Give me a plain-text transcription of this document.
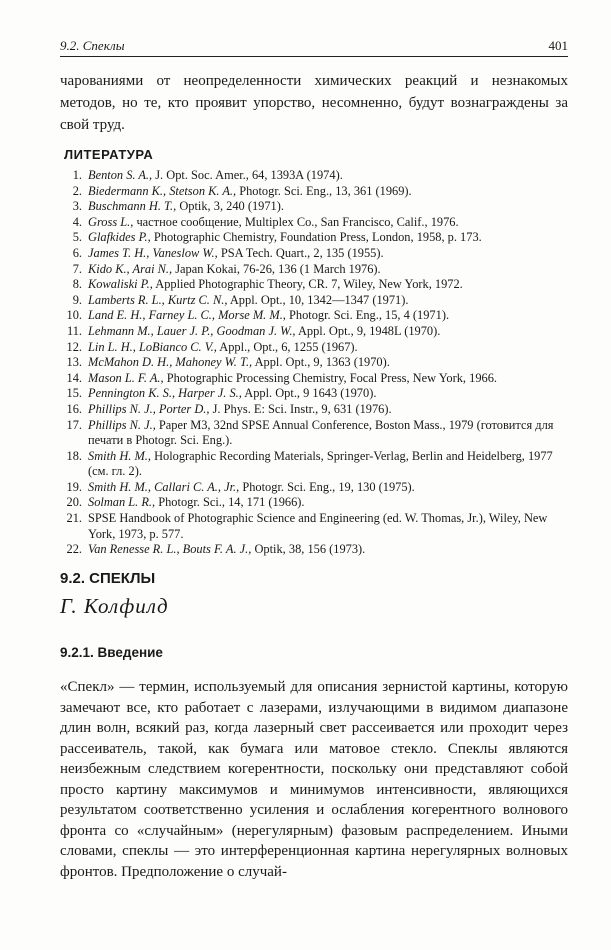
9.2. Спеклы	401

чарованиями от неопределенности химических реакций и незнакомых методов, но те, кто проявит упорство, несомненно, будут вознаграждены за свой труд.

ЛИТЕРАТУРА
1. Benton S. A., J. Opt. Soc. Amer., 64, 1393A (1974).
2. Biedermann K., Stetson K. A., Photogr. Sci. Eng., 13, 361 (1969).
3. Buschmann H. T., Optik, 3, 240 (1971).
4. Gross L., частное сообщение, Multiplex Co., San Francisco, Calif., 1976.
5. Glafkides P., Photographic Chemistry, Foundation Press, London, 1958, p. 173.
6. James T. H., Vaneslow W., PSA Tech. Quart., 2, 135 (1955).
7. Kido K., Arai N., Japan Kokai, 76-26, 136 (1 March 1976).
8. Kowaliski P., Applied Photographic Theory, CR. 7, Wiley, New York, 1972.
9. Lamberts R. L., Kurtz C. N., Appl. Opt., 10, 1342—1347 (1971).
10. Land E. H., Farney L. C., Morse M. M., Photogr. Sci. Eng., 15, 4 (1971).
11. Lehmann M., Lauer J. P., Goodman J. W., Appl. Opt., 9, 1948L (1970).
12. Lin L. H., LoBianco C. V., Appl., Opt., 6, 1255 (1967).
13. McMahon D. H., Mahoney W. T., Appl. Opt., 9, 1363 (1970).
14. Mason L. F. A., Photographic Processing Chemistry, Focal Press, New York, 1966.
15. Pennington K. S., Harper J. S., Appl. Opt., 9 1643 (1970).
16. Phillips N. J., Porter D., J. Phys. E: Sci. Instr., 9, 631 (1976).
17. Phillips N. J., Paper M3, 32nd SPSE Annual Conference, Boston Mass., 1979 (готовится для печати в Photogr. Sci. Eng.).
18. Smith H. M., Holographic Recording Materials, Springer-Verlag, Berlin and Heidelberg, 1977 (см. гл. 2).
19. Smith H. M., Callari C. A., Jr., Photogr. Sci. Eng., 19, 130 (1975).
20. Solman L. R., Photogr. Sci., 14, 171 (1966).
21. SPSE Handbook of Photographic Science and Engineering (ed. W. Thomas, Jr.), Wiley, New York, 1973, p. 577.
22. Van Renesse R. L., Bouts F. A. J., Optik, 38, 156 (1973).
9.2. СПЕКЛЫ

Г. Колфилд

9.2.1. Введение

«Спекл» — термин, используемый для описания зернистой картины, которую замечают все, кто работает с лазерами, излучающими в видимом диапазоне длин волн, всякий раз, когда лазерный свет рассеивается или проходит через рассеиватель, такой, как бумага или матовое стекло. Спеклы являются неизбежным следствием когерентности, поскольку они представляют собой просто картину максимумов и минимумов интенсивности, являющихся результатом соответственно усиления и ослабления когерентного волнового фронта со «случайным» (нерегулярным) фазовым распределением. Иными словами, спеклы — это интерференционная картина нерегулярных волновых фронтов. Предположение о случай-
